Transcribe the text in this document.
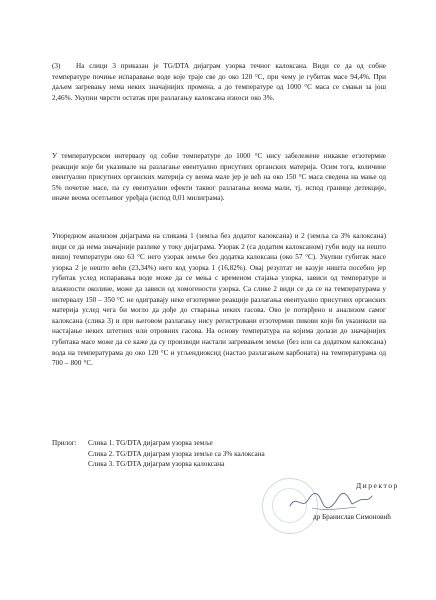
(3) На слици 3 приказан је TG/DTA дијаграм узорка течног калоксана. Види се да од собне температуре почиње испаравање воде које траје све до око 120 °C, при чему је губитак масе 94,4%. При даљем загревању нема неких значајнијих промена, а до температуре од 1000 °C маса се смањи за још 2,46%. Укупни чврсти остатак при разлагању калоксана износи око 3%.

У температурском интервалу од собне температуре до 1000 °C нису забележене никакве егзотермне реакције које би указивале на разлагање евентуално присутних органских материја. Осим тога, количине евентуално присутних органских материја су веома мале јер је већ на око 150 °C маса сведена на мање од 5% почетне масе, па су евентуални ефекти таквог разлагања веома мали, тј. испод границе детекције, иначе веома осетљивог уређаја (испод 0,01 милиграма).

Упоредном анализом дијаграма на сликама 1 (земља без додатог калоксана) и 2 (земља са 3% калоксана) види се да нема значајније разлике у току дијаграма. Узорак 2 (са додатим калоксаном) губи воду на нешто вишој температури око 63 °C него узорак земље без додатка калоксана (око 57 °C). Укупни губитак масе узорка 2 је нешто већи (23,34%) него код узорка 1 (16,82%). Овај резултат не казује ништа посебно јер губитак услед испаравања воде може да се мења с временом стајања узорка, зависи од температуре и влажности околине, може да зависи од хомогености узорка. Са слике 2 види се да се на температурама у интервалу 150 – 350 °C не одигравају неке егзотермне реакције разлагања евентуално присутних органских материја услед чега би могло да дође до стварања неких гасова. Ово је потврђено и анализом самог калоксана (слика 3) и при његовом разлагању нису регистровани егзотермни пикови који би указивали на настајање неких штетних или отровних гасова. На основу температура на којима долази до значајнијих губитака масе може да се каже да су производи настали загревањем земље (без или са додатком калоксана) вода на температурама до око 120 °C и угљендиоксид (настао разлагањем карбоната) на температурама од 700 – 800 °C.

Прилог: Слика 1. TG/DTA дијаграм узорка земље
Слика 2. TG/DTA дијаграм узорка земље са 3% калоксана
Слика 3. TG/DTA дијаграм узорка калоксана
Директор
др Бранислав Симоновић
